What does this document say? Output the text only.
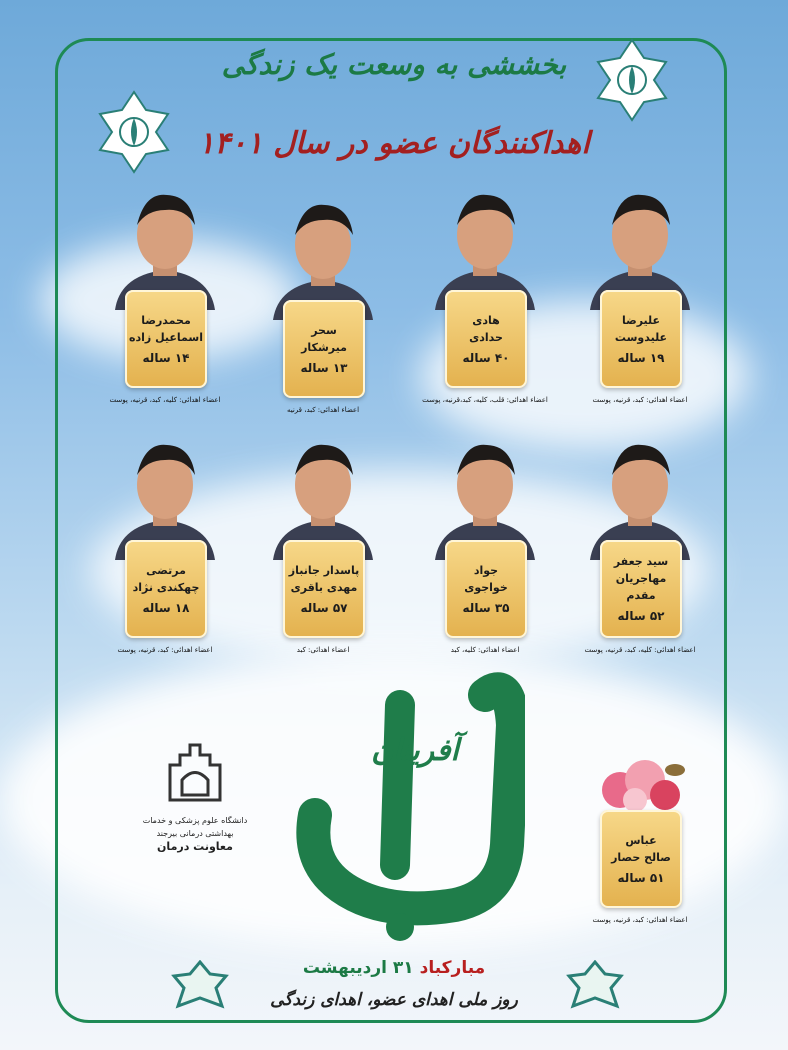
بخششی به وسعت یک زندگی
اهداکنندگان عضو در سال ۱۴۰۱
علیرضا
علیدوست
۱۹ ساله
اعضاء اهدائی: کبد، قرنیه، پوست
هادی
حدادی
۴۰ ساله
اعضاء اهدائی: قلب، کلیه، کبد،قرنیه، پوست
سحر
میرشکار
۱۳ ساله
اعضاء اهدائی: کبد، قرنیه
محمدرضا
اسماعیل زاده
۱۴ ساله
اعضاء اهدائی: کلیه، کبد، قرنیه، پوست
سید جعفر
مهاجریان مقدم
۵۲ ساله
اعضاء اهدائی: کلیه، کبد، قرنیه، پوست
جواد
خواجوی
۳۵ ساله
اعضاء اهدائی: کلیه، کبد
پاسدار جانباز
مهدی باقری
۵۷ ساله
اعضاء اهدائی: کبد
مرتضی
چهکندی نژاد
۱۸ ساله
اعضاء اهدائی: کبد، قرنیه، پوست
عباس
صالح حصار
۵۱ ساله
اعضاء اهدائی: کبد، قرنیه، پوست
آفرینان
دانشگاه علوم پزشکی و خدمات بهداشتی درمانی بیرجند
معاونت درمان
مبارکباد ۳۱ اردیبهشت
روز ملی اهدای عضو، اهدای زندگی
